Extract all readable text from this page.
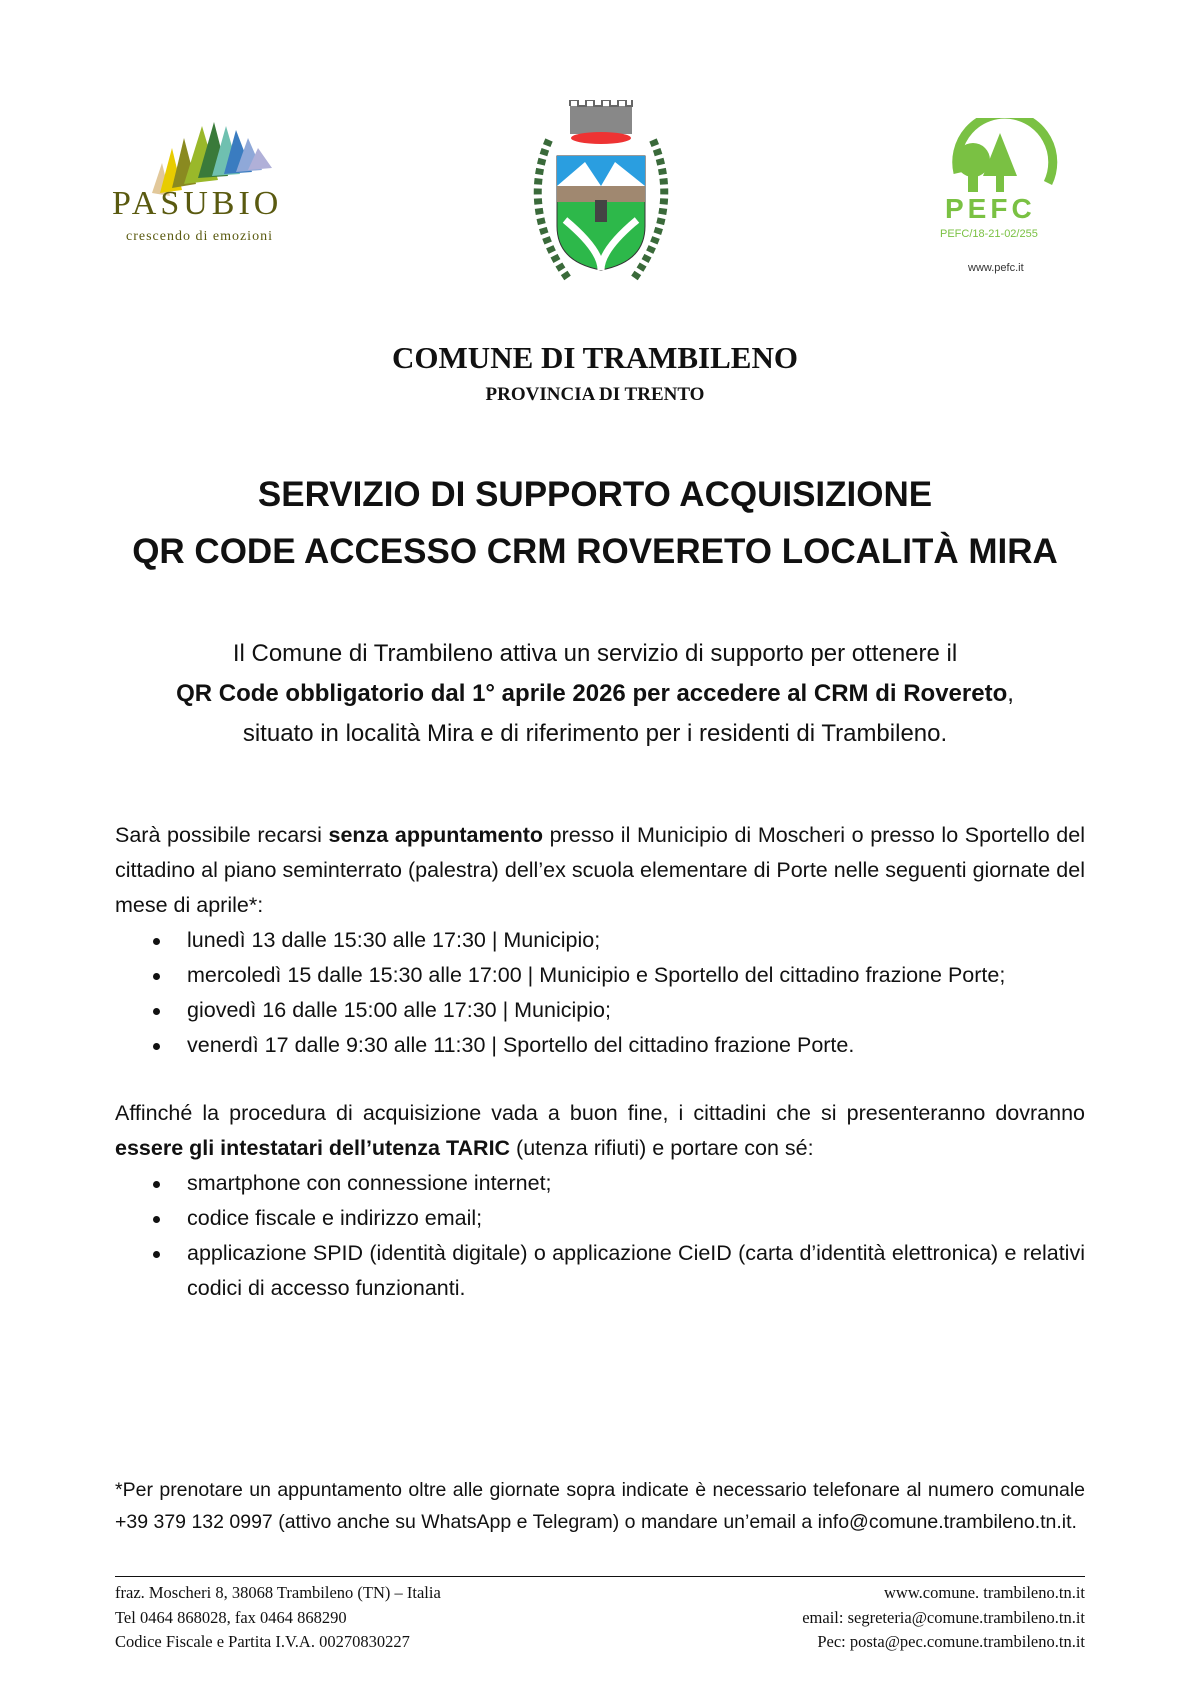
PASUBIO
crescendo di emozioni
PEFC
PEFC/18-21-02/255
www.pefc.it
COMUNE DI TRAMBILENO
PROVINCIA DI TRENTO
SERVIZIO DI SUPPORTO ACQUISIZIONE
QR CODE ACCESSO CRM ROVERETO LOCALITÀ MIRA
Il Comune di Trambileno attiva un servizio di supporto per ottenere il
QR Code obbligatorio dal 1° aprile 2026 per accedere al CRM di Rovereto,
situato in località Mira e di riferimento per i residenti di Trambileno.

Sarà possibile recarsi senza appuntamento presso il Municipio di Moscheri o presso lo Sportello del cittadino al piano seminterrato (palestra) dell’ex scuola elementare di Porte nelle seguenti giornate del mese di aprile*:

lunedì 13 dalle 15:30 alle 17:30 | Municipio;
mercoledì 15 dalle 15:30 alle 17:00 | Municipio e Sportello del cittadino frazione Porte;
giovedì 16 dalle 15:00 alle 17:30 | Municipio;
venerdì 17 dalle 9:30 alle 11:30 | Sportello del cittadino frazione Porte.

Affinché la procedura di acquisizione vada a buon fine, i cittadini che si presenteranno dovranno essere gli intestatari dell’utenza TARIC (utenza rifiuti) e portare con sé:

smartphone con connessione internet;
codice fiscale e indirizzo email;
applicazione SPID (identità digitale) o applicazione CieID (carta d’identità elettronica) e relativi codici di accesso funzionanti.
*Per prenotare un appuntamento oltre alle giornate sopra indicate è necessario telefonare al numero comunale +39 379 132 0997 (attivo anche su WhatsApp e Telegram) o mandare un’email a info@comune.trambileno.tn.it.
fraz. Moscheri 8, 38068 Trambileno (TN) – Italia
Tel 0464 868028, fax 0464 868290
Codice Fiscale e Partita I.V.A. 00270830227
www.comune. trambileno.tn.it
email: segreteria@comune.trambileno.tn.it
Pec: posta@pec.comune.trambileno.tn.it
